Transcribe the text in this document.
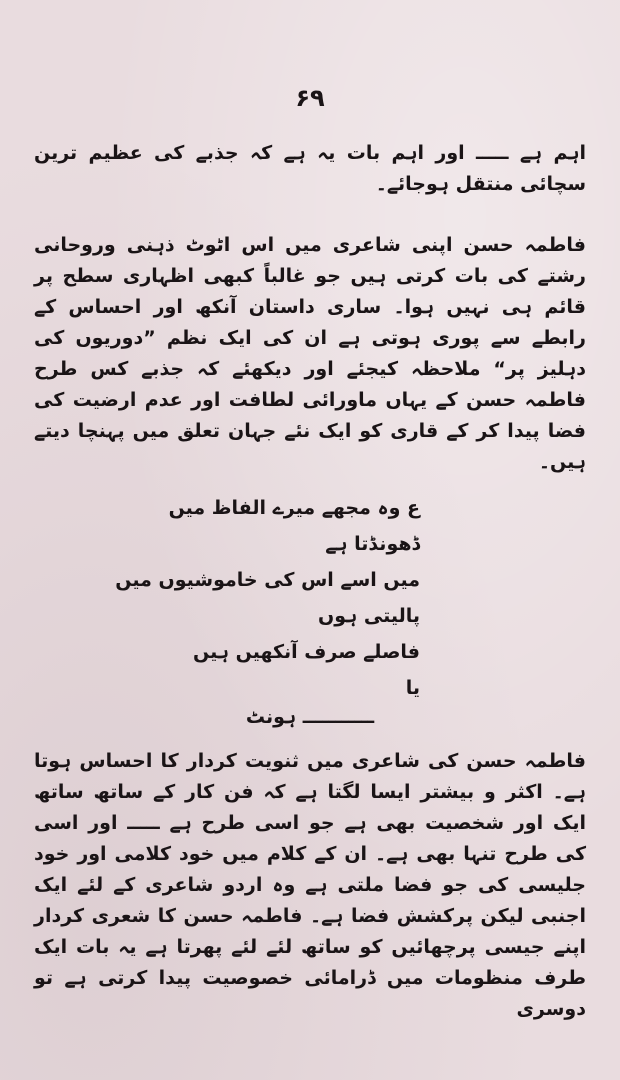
۶۹

اہم ہے ـــــ اور اہم بات یہ ہے کہ جذبے کی عظیم ترین سچائی منتقل ہوجائے۔

فاطمہ حسن اپنی شاعری میں اس اٹوٹ ذہنی وروحانی رشتے کی بات کرتی ہیں جو غالباً کبھی اظہاری سطح پر قائم ہی نہیں ہوا۔ ساری داستان آنکھ اور احساس کے رابطے سے پوری ہوتی ہے ان کی ایک نظم ”دوریوں کی دہلیز پر“ ملاحظہ کیجئے اور دیکھئے کہ جذبے کس طرح فاطمہ حسن کے یہاں ماورائی لطافت اور عدم ارضیت کی فضا پیدا کر کے قاری کو ایک نئے جہان تعلق میں پہنچا دیتے ہیں۔

ع وہ مجھے میرے الفاظ میں
ڈھونڈتا ہے
میں اسے اس کی خاموشیوں میں
پالیتی ہوں
فاصلے صرف آنکھیں ہیں
یا
ـــــــــــ ہونٹ

فاطمہ حسن کی شاعری میں ثنویت کردار کا احساس ہوتا ہے۔ اکثر و بیشتر ایسا لگتا ہے کہ فن کار کے ساتھ ساتھ ایک اور شخصیت بھی ہے جو اسی طرح ہے ـــــ اور اسی کی طرح تنہا بھی ہے۔ ان کے کلام میں خود کلامی اور خود جلیسی کی جو فضا ملتی ہے وہ اردو شاعری کے لئے ایک اجنبی لیکن پرکشش فضا ہے۔ فاطمہ حسن کا شعری کردار اپنے جیسی پرچھائیں کو ساتھ لئے لئے پھرتا ہے یہ بات ایک طرف منظومات میں ڈرامائی خصوصیت پیدا کرتی ہے تو دوسری
